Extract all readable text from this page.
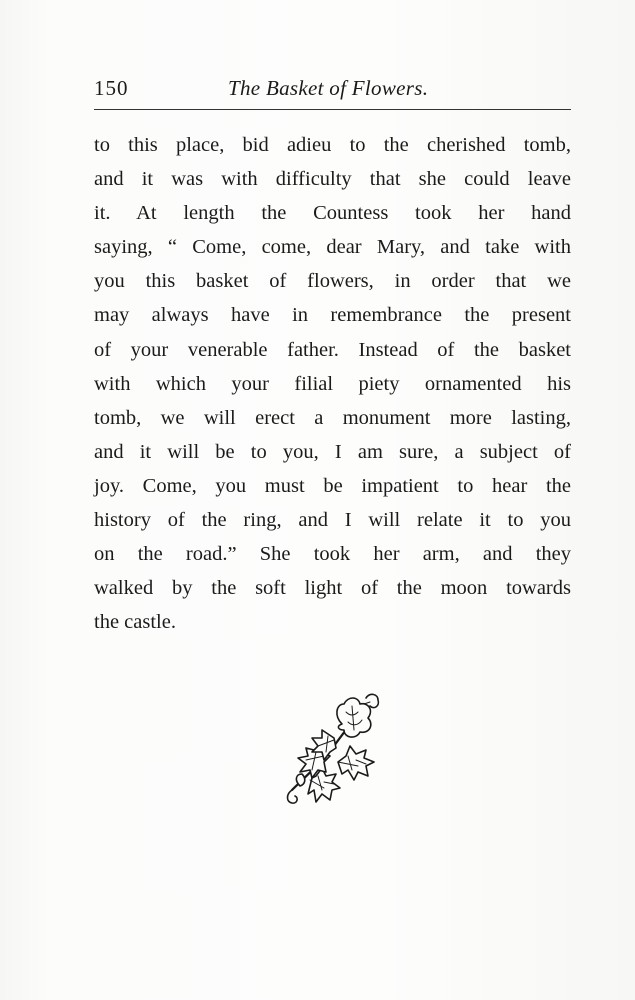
150	The Basket of Flowers.
to this place, bid adieu to the cherished tomb,
and it was with difficulty that she could leave
it. At length the Countess took her hand
saying, “ Come, come, dear Mary, and take with
you this basket of flowers, in order that we
may always have in remembrance the present
of your venerable father. Instead of the basket
with which your filial piety ornamented his
tomb, we will erect a monument more lasting,
and it will be to you, I am sure, a subject of
joy. Come, you must be impatient to hear the
history of the ring, and I will relate it to you
on the road.” She took her arm, and they
walked by the soft light of the moon towards
the castle.
